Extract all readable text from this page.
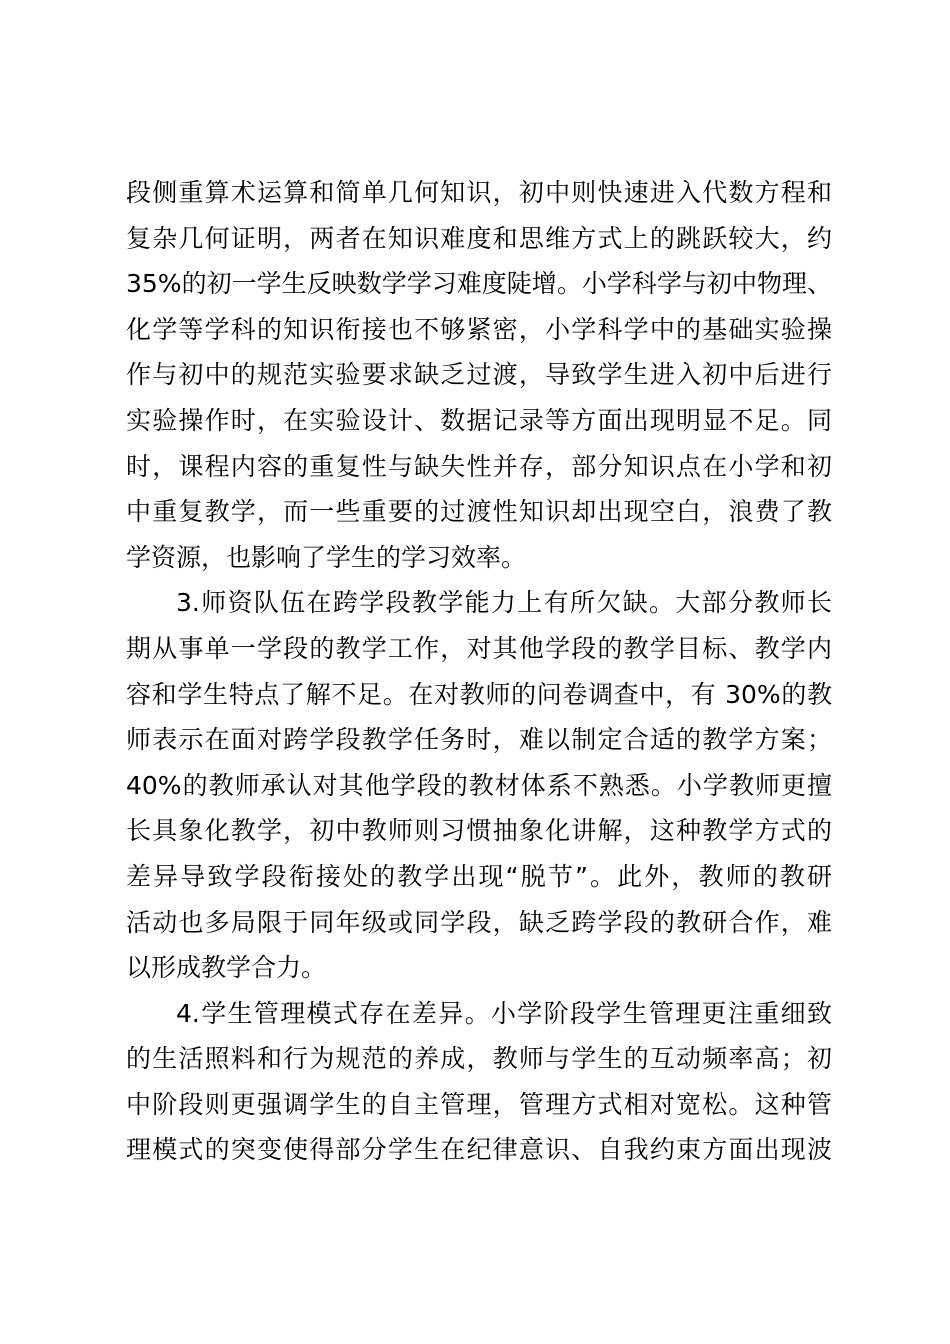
段侧重算术运算和简单几何知识，初中则快速进入代数方程和
复杂几何证明，两者在知识难度和思维方式上的跳跃较大，约
35%的初一学生反映数学学习难度陡增。小学科学与初中物理、
化学等学科的知识衔接也不够紧密，小学科学中的基础实验操
作与初中的规范实验要求缺乏过渡，导致学生进入初中后进行
实验操作时，在实验设计、数据记录等方面出现明显不足。同
时，课程内容的重复性与缺失性并存，部分知识点在小学和初
中重复教学，而一些重要的过渡性知识却出现空白，浪费了教
学资源，也影响了学生的学习效率。
3.师资队伍在跨学段教学能力上有所欠缺。大部分教师长
期从事单一学段的教学工作，对其他学段的教学目标、教学内
容和学生特点了解不足。在对教师的问卷调查中，有 30%的教
师表示在面对跨学段教学任务时，难以制定合适的教学方案；
40%的教师承认对其他学段的教材体系不熟悉。小学教师更擅
长具象化教学，初中教师则习惯抽象化讲解，这种教学方式的
差异导致学段衔接处的教学出现“脱节”。此外，教师的教研
活动也多局限于同年级或同学段，缺乏跨学段的教研合作，难
以形成教学合力。
4.学生管理模式存在差异。小学阶段学生管理更注重细致
的生活照料和行为规范的养成，教师与学生的互动频率高；初
中阶段则更强调学生的自主管理，管理方式相对宽松。这种管
理模式的突变使得部分学生在纪律意识、自我约束方面出现波
